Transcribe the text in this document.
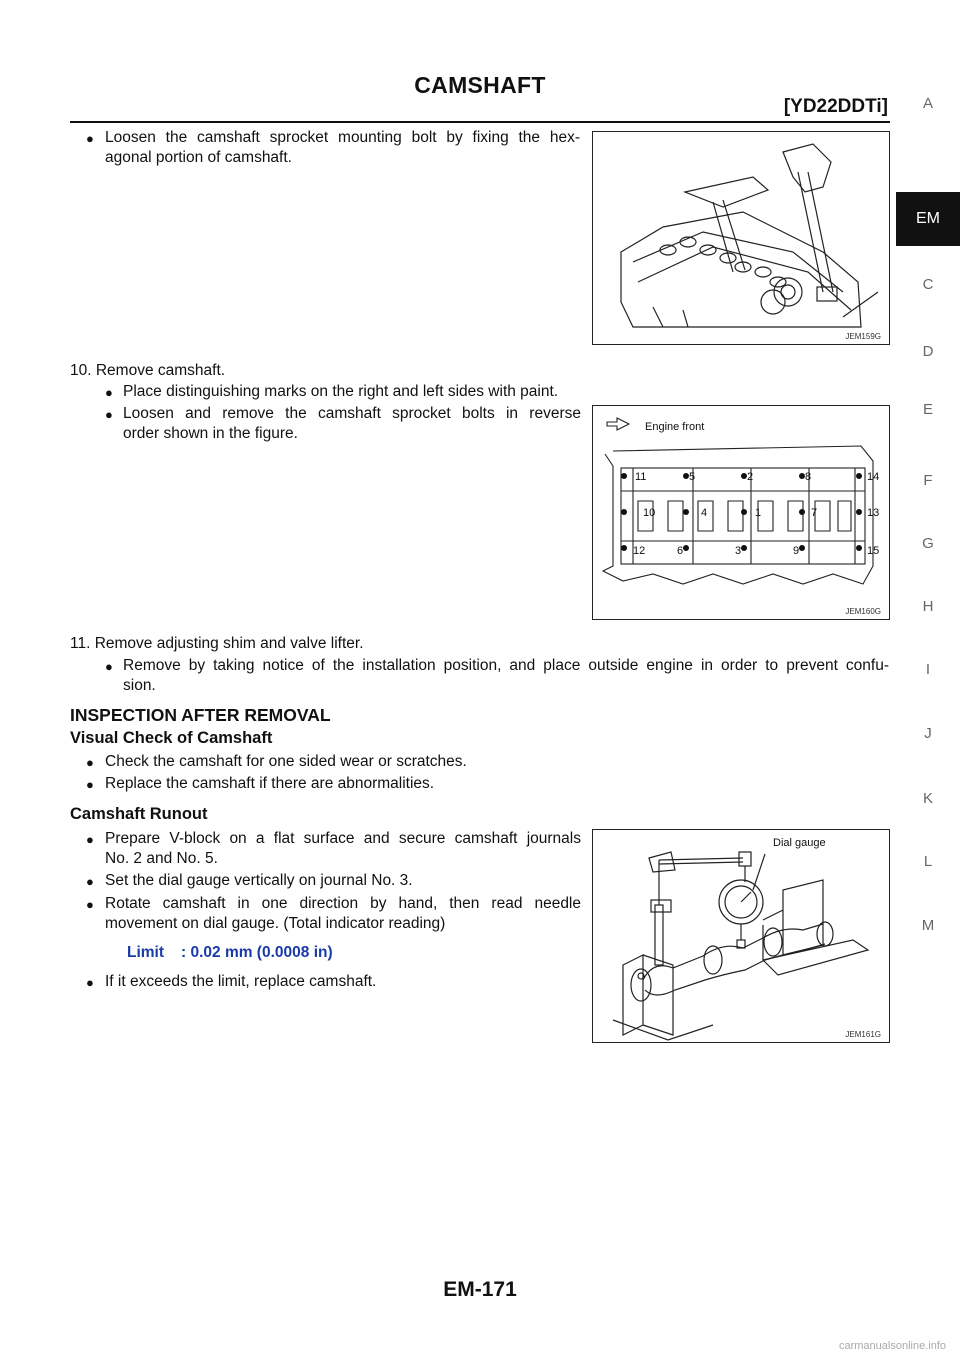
CAMSHAFT
[YD22DDTi]	A
C
D
E
F
G
H
I
J
K
L
M
EM
● Loosen the camshaft sprocket mounting bolt by fixing the hex-
agonal portion of camshaft.
JEM159G
10. Remove camshaft.
● Place distinguishing marks on the right and left sides with paint.
● Loosen and remove the camshaft sprocket bolts in reverse
order shown in the figure.	Engine front
11	5	2	8	14
10	4	1	7	13
12	6	3	9	15
JEM160G
11. Remove adjusting shim and valve lifter.
● Remove by taking notice of the installation position, and place outside engine in order to prevent confu-
sion.
INSPECTION AFTER REMOVAL
Visual Check of Camshaft
● Check the camshaft for one sided wear or scratches.
● Replace the camshaft if there are abnormalities.
Camshaft Runout
● Prepare V-block on a flat surface and secure camshaft journals
No. 2 and No. 5.
● Set the dial gauge vertically on journal No. 3.
● Rotate camshaft in one direction by hand, then read needle
movement on dial gauge. (Total indicator reading)
Limit : 0.02 mm (0.0008 in)
● If it exceeds the limit, replace camshaft.
Dial gauge
JEM161G
EM-171
carmanualsonline.info
